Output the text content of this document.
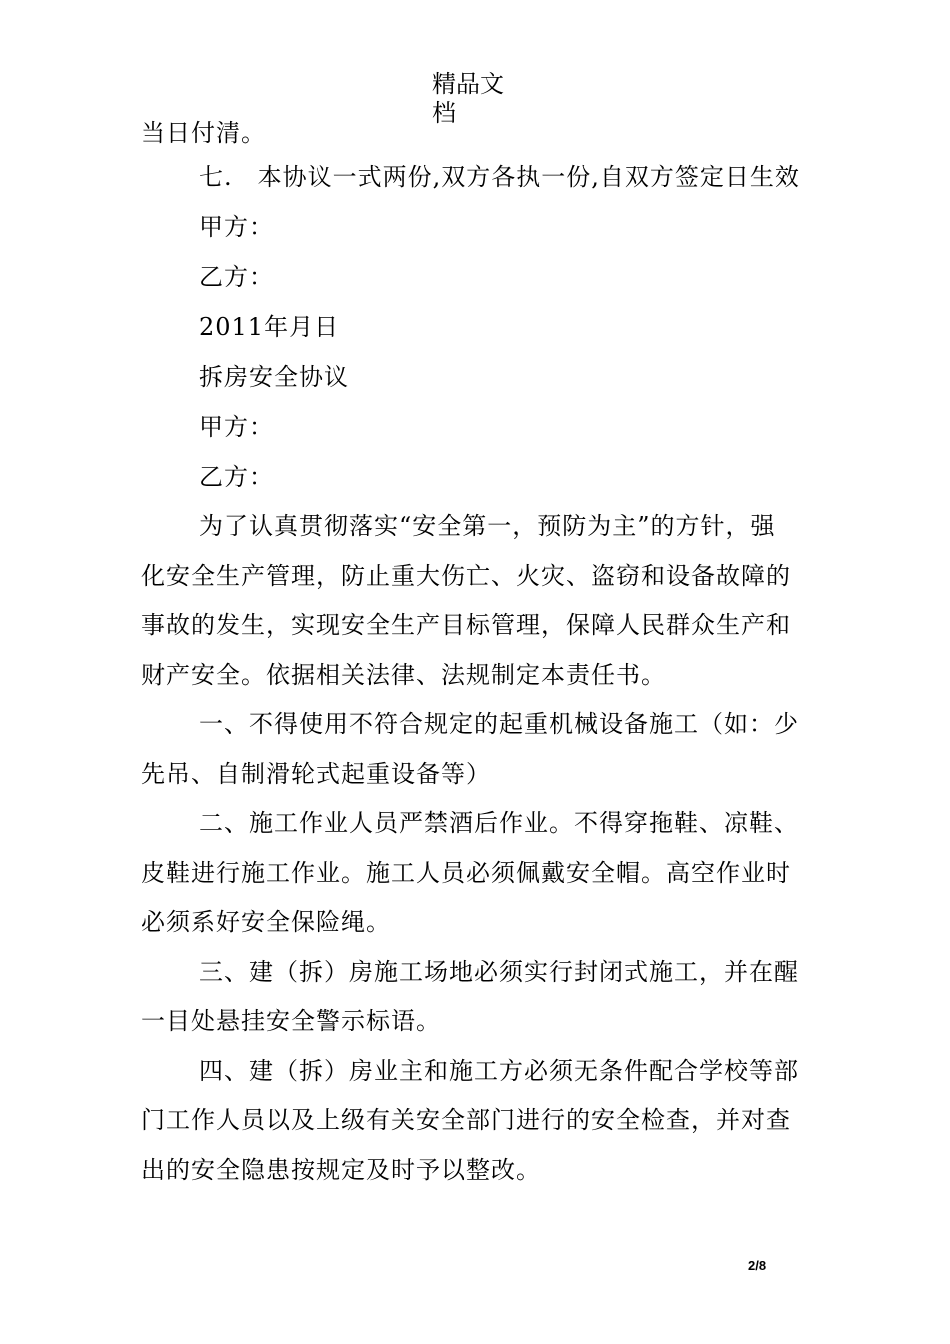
精品文
档
当日付清。
七.　本协议一式两份,双方各执一份,自双方签定日生效
甲方：
乙方：
2011年月日
拆房安全协议
甲方：
乙方：
为了认真贯彻落实“安全第一，预防为主”的方针，强
化安全生产管理，防止重大伤亡、火灾、盗窃和设备故障的
事故的发生，实现安全生产目标管理，保障人民群众生产和
财产安全。依据相关法律、法规制定本责任书。
一、不得使用不符合规定的起重机械设备施工（如：少
先吊、自制滑轮式起重设备等）
二、施工作业人员严禁酒后作业。不得穿拖鞋、凉鞋、
皮鞋进行施工作业。施工人员必须佩戴安全帽。高空作业时
必须系好安全保险绳。
三、建（拆）房施工场地必须实行封闭式施工，并在醒
一目处悬挂安全警示标语。
四、建（拆）房业主和施工方必须无条件配合学校等部
门工作人员以及上级有关安全部门进行的安全检查，并对查
出的安全隐患按规定及时予以整改。
2/8
